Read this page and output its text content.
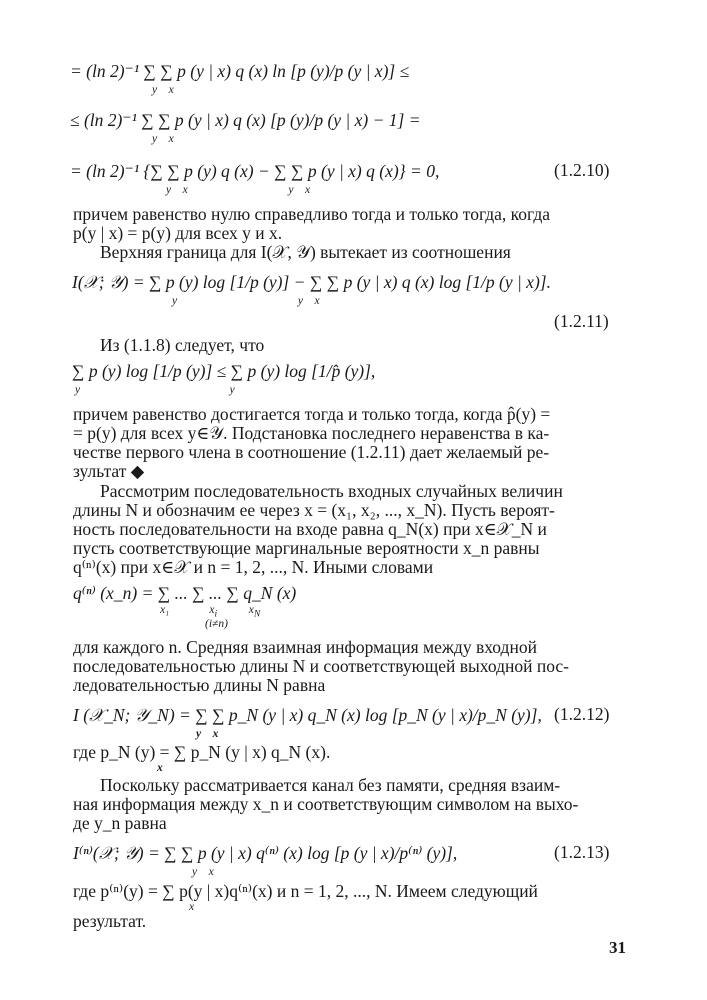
= (ln 2)⁻¹ ∑ ∑ p (y | x) q (x) ln [p (y)/p (y | x)] ≤
y    x
≤ (ln 2)⁻¹ ∑ ∑ p (y | x) q (x) [p (y)/p (y | x) − 1] =
y    x
= (ln 2)⁻¹ {∑ ∑ p (y) q (x) − ∑ ∑ p (y | x) q (x)} = 0,
y    x                                   y    x
(1.2.10)
причем равенство нулю справедливо тогда и только тогда, когда
p(y | x) = p(y) для всех y и x.
Верхняя граница для I(𝒳, 𝒴) вытекает из соотношения
I(𝒳; 𝒴) = ∑ p (y) log [1/p (y)] − ∑ ∑ p (y | x) q (x) log [1/p (y | x)].
y                                          y    x
(1.2.11)
Из (1.1.8) следует, что
∑ p (y) log [1/p (y)] ≤ ∑ p (y) log [1/p̂ (y)],
y                                                    y
причем равенство достигается тогда и только тогда, когда p̂(y) =
= p(y) для всех y∈𝒴. Подстановка последнего неравенства в ка-
честве первого члена в соотношение (1.2.11) дает желаемый ре-
зультат ◆
Рассмотрим последовательность входных случайных величин
длины N и обозначим ее через x = (x₁, x₂, ..., x_N). Пусть вероят-
ность последовательности на входе равна q_N(x) при x∈𝒳_N и
пусть соответствующие маргинальные вероятности x_n равны
q⁽ⁿ⁾(x) при x∈𝒳 и n = 1, 2, ..., N. Иными словами
q⁽ⁿ⁾ (x_n) = ∑ ... ∑ ... ∑ q_N (x)
x₁              $x_i$           $x_N$
(i≠n)
для каждого n. Средняя взаимная информация между входной
последовательностью длины N и соответствующей выходной пос-
ледовательностью длины N равна
I (𝒳_N; 𝒴_N) = ∑ ∑ p_N (y | x) q_N (x) log [p_N (y | x)/p_N (y)],
y    x
(1.2.12)
где p_N (y) = ∑ p_N (y | x) q_N (x).
x
Поскольку рассматривается канал без памяти, средняя взаим-
ная информация между x_n и соответствующим символом на выхо-
де y_n равна
I⁽ⁿ⁾(𝒳; 𝒴) = ∑ ∑ p (y | x) q⁽ⁿ⁾ (x) log [p (y | x)/p⁽ⁿ⁾ (y)],
y    x
(1.2.13)
где p⁽ⁿ⁾(y) = ∑ p(y | x)q⁽ⁿ⁾(x) и n = 1, 2, ..., N. Имеем следующий
x
результат.
31
